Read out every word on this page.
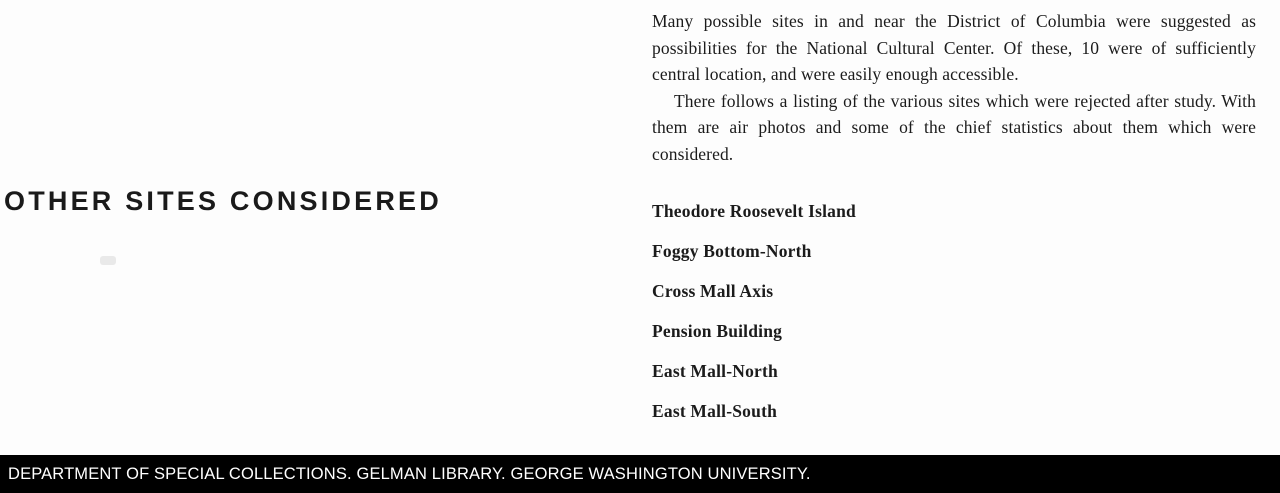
OTHER SITES CONSIDERED

Many possible sites in and near the District of Columbia were suggested as possibilities for the National Cultural Center. Of these, 10 were of sufficiently central location, and were easily enough accessible.

There follows a listing of the various sites which were rejected after study. With them are air photos and some of the chief statistics about them which were considered.

Theodore Roosevelt Island
Foggy Bottom-North
Cross Mall Axis
Pension Building
East Mall-North
East Mall-South
DEPARTMENT OF SPECIAL COLLECTIONS. GELMAN LIBRARY. GEORGE WASHINGTON UNIVERSITY.
